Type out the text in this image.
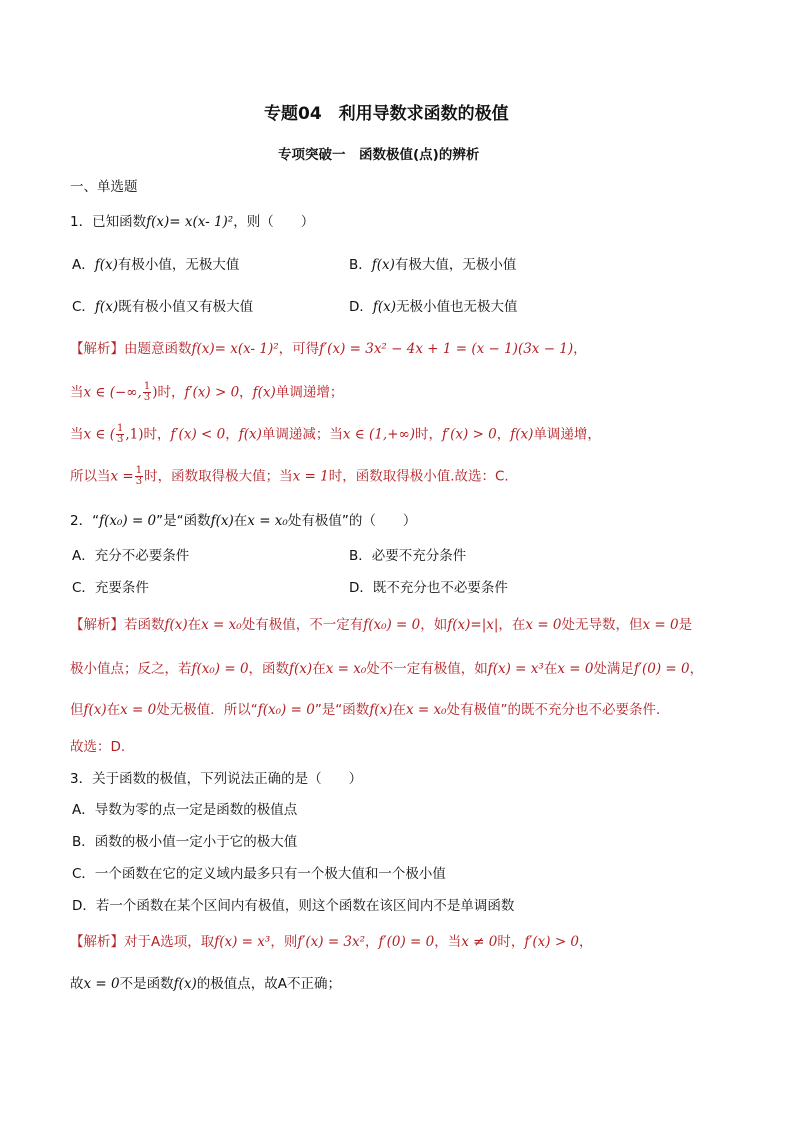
专题04　利用导数求函数的极值
专项突破一　函数极值(点)的辨析
一、单选题
1．已知函数f(x)= x(x- 1)²，则（　　）
A．f(x)有极小值，无极大值	B．f(x)有极大值，无极小值
C．f(x)既有极小值又有极大值	D．f(x)无极小值也无极大值
【解析】由题意函数f(x)= x(x- 1)²，可得f′(x) = 3x² − 4x + 1 = (x − 1)(3x − 1)，
当x ∈ (−∞, $\frac{1}{3}$ )时，f′(x) > 0，f(x)单调递增；
当x ∈ ( $\frac{1}{3} ,1$)时，f′(x) < 0，f(x)单调递减；当x ∈ (1,+∞)时，f′(x) > 0，f(x)单调递增，
所以当$x = \frac{1}{3}$ 时，函数取得极大值；当x = 1时，函数取得极小值.故选：C.
2．“f(x₀) = 0”是“函数f(x)在x = x₀处有极值”的（　　）
A．充分不必要条件	B．必要不充分条件
C．充要条件	D．既不充分也不必要条件
【解析】若函数f(x)在x = x₀处有极值，不一定有f(x₀) = 0，如f(x)=|x|，在x = 0处无导数，但x = 0是
极小值点；反之，若f(x₀) = 0，函数f(x)在x = x₀处不一定有极值，如f(x) = x³在x = 0处满足f′(0) = 0，
但f(x)在x = 0处无极值．所以“f(x₀) = 0”是“函数f(x)在x = x₀处有极值”的既不充分也不必要条件．
故选：D.
3．关于函数的极值，下列说法正确的是（　　）
A．导数为零的点一定是函数的极值点
B．函数的极小值一定小于它的极大值
C．一个函数在它的定义域内最多只有一个极大值和一个极小值
D．若一个函数在某个区间内有极值，则这个函数在该区间内不是单调函数
【解析】对于A选项，取f(x) = x³，则f′(x) = 3x²，f′(0) = 0，当x ≠ 0时，f′(x) > 0，
故x = 0不是函数f(x)的极值点，故A不正确；
